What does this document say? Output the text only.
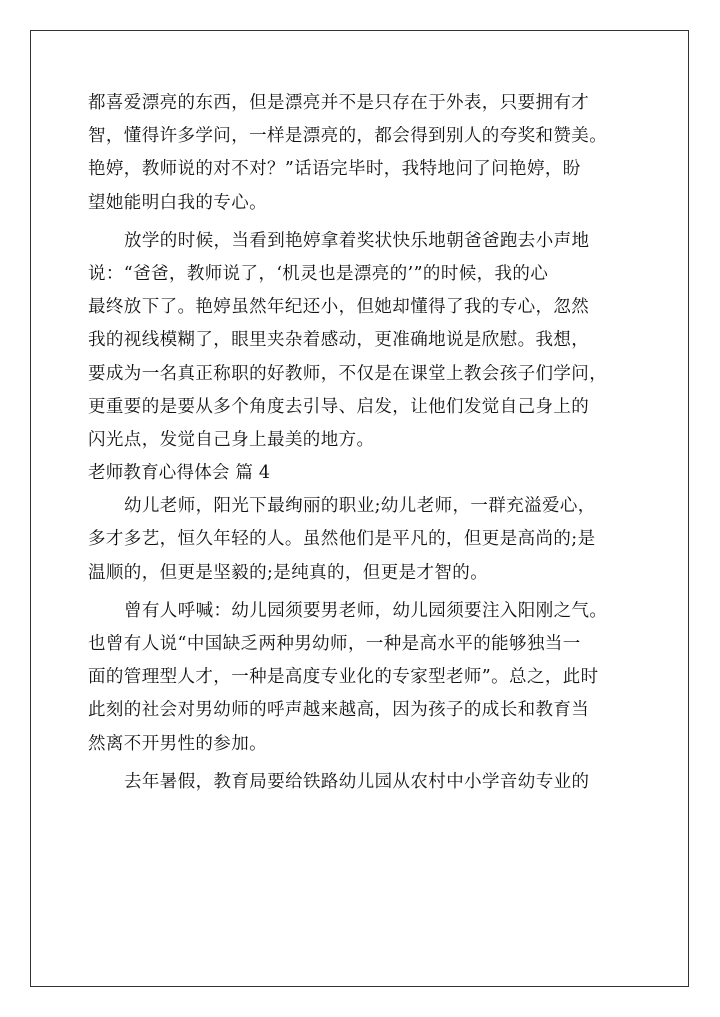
都喜爱漂亮的东西，但是漂亮并不是只存在于外表，只要拥有才
智，懂得许多学问，一样是漂亮的，都会得到别人的夸奖和赞美。
艳婷，教师说的对不对？”话语完毕时，我特地问了问艳婷，盼
望她能明白我的专心。
放学的时候，当看到艳婷拿着奖状快乐地朝爸爸跑去小声地
说：“爸爸，教师说了，‘机灵也是漂亮的’”的时候，我的心
最终放下了。艳婷虽然年纪还小，但她却懂得了我的专心，忽然
我的视线模糊了，眼里夹杂着感动，更准确地说是欣慰。我想，
要成为一名真正称职的好教师，不仅是在课堂上教会孩子们学问，
更重要的是要从多个角度去引导、启发，让他们发觉自己身上的
闪光点，发觉自己身上最美的地方。
老师教育心得体会 篇 4
幼儿老师，阳光下最绚丽的职业;幼儿老师，一群充溢爱心，
多才多艺，恒久年轻的人。虽然他们是平凡的，但更是高尚的;是
温顺的，但更是坚毅的;是纯真的，但更是才智的。
曾有人呼喊：幼儿园须要男老师，幼儿园须要注入阳刚之气。
也曾有人说“中国缺乏两种男幼师，一种是高水平的能够独当一
面的管理型人才，一种是高度专业化的专家型老师”。总之，此时
此刻的社会对男幼师的呼声越来越高，因为孩子的成长和教育当
然离不开男性的参加。
去年暑假，教育局要给铁路幼儿园从农村中小学音幼专业的
